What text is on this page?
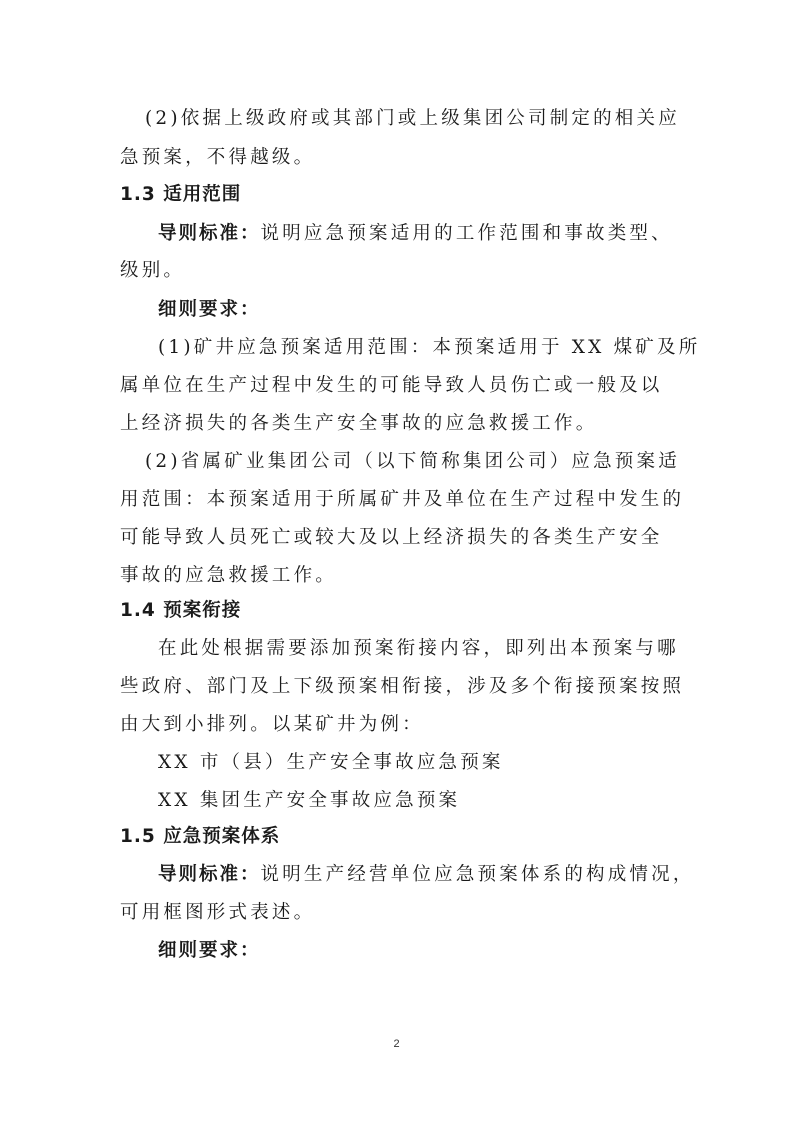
(2)依据上级政府或其部门或上级集团公司制定的相关应
急预案，不得越级。
1.3 适用范围
导则标准：说明应急预案适用的工作范围和事故类型、
级别。
细则要求：
(1)矿井应急预案适用范围：本预案适用于 XX 煤矿及所
属单位在生产过程中发生的可能导致人员伤亡或一般及以
上经济损失的各类生产安全事故的应急救援工作。
(2)省属矿业集团公司（以下简称集团公司）应急预案适
用范围：本预案适用于所属矿井及单位在生产过程中发生的
可能导致人员死亡或较大及以上经济损失的各类生产安全
事故的应急救援工作。
1.4 预案衔接
在此处根据需要添加预案衔接内容，即列出本预案与哪
些政府、部门及上下级预案相衔接，涉及多个衔接预案按照
由大到小排列。以某矿井为例：
XX 市（县）生产安全事故应急预案
XX 集团生产安全事故应急预案
1.5 应急预案体系
导则标准：说明生产经营单位应急预案体系的构成情况，
可用框图形式表述。
细则要求：
2
